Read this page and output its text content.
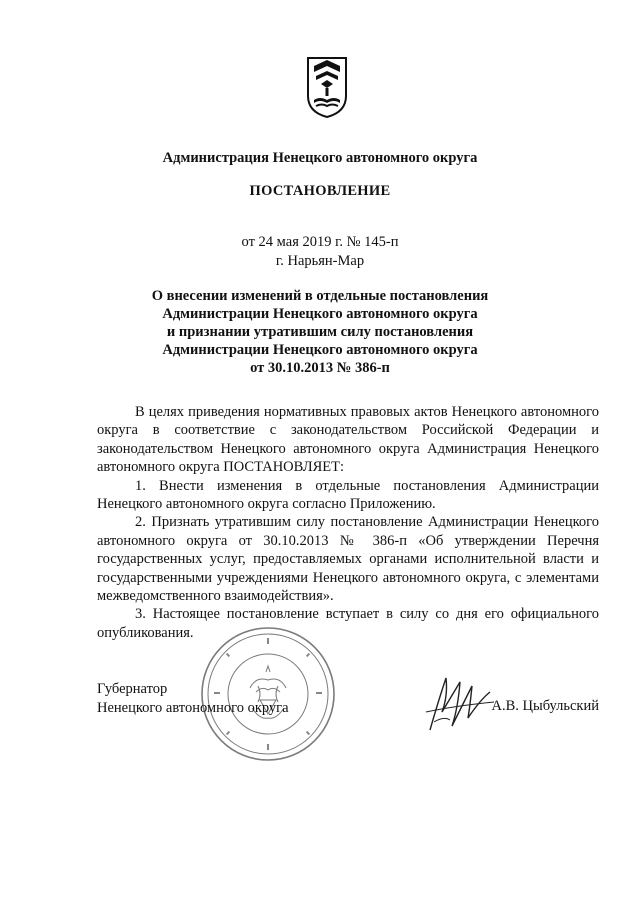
Администрация Ненецкого автономного округа
ПОСТАНОВЛЕНИЕ
от 24 мая 2019 г. № 145-п
г. Нарьян-Мар
О внесении изменений в отдельные постановления
Администрации Ненецкого автономного округа
и признании утратившим силу постановления
Администрации Ненецкого автономного округа
от 30.10.2013 № 386-п

В целях приведения нормативных правовых актов Ненецкого автономного округа в соответствие с законодательством Российской Федерации и законодательством Ненецкого автономного округа Администрация Ненецкого автономного округа ПОСТАНОВЛЯЕТ:

1. Внести изменения в отдельные постановления Администрации Ненецкого автономного округа согласно Приложению.

2. Признать утратившим силу постановление Администрации Ненецкого автономного округа от 30.10.2013 № 386-п «Об утверждении Перечня государственных услуг, предоставляемых органами исполнительной власти и государственными учреждениями Ненецкого автономного округа, с элементами межведомственного взаимодействия».

3. Настоящее постановление вступает в силу со дня его официального опубликования.

Губернатор
Ненецкого автономного округа	А.В. Цыбульский
